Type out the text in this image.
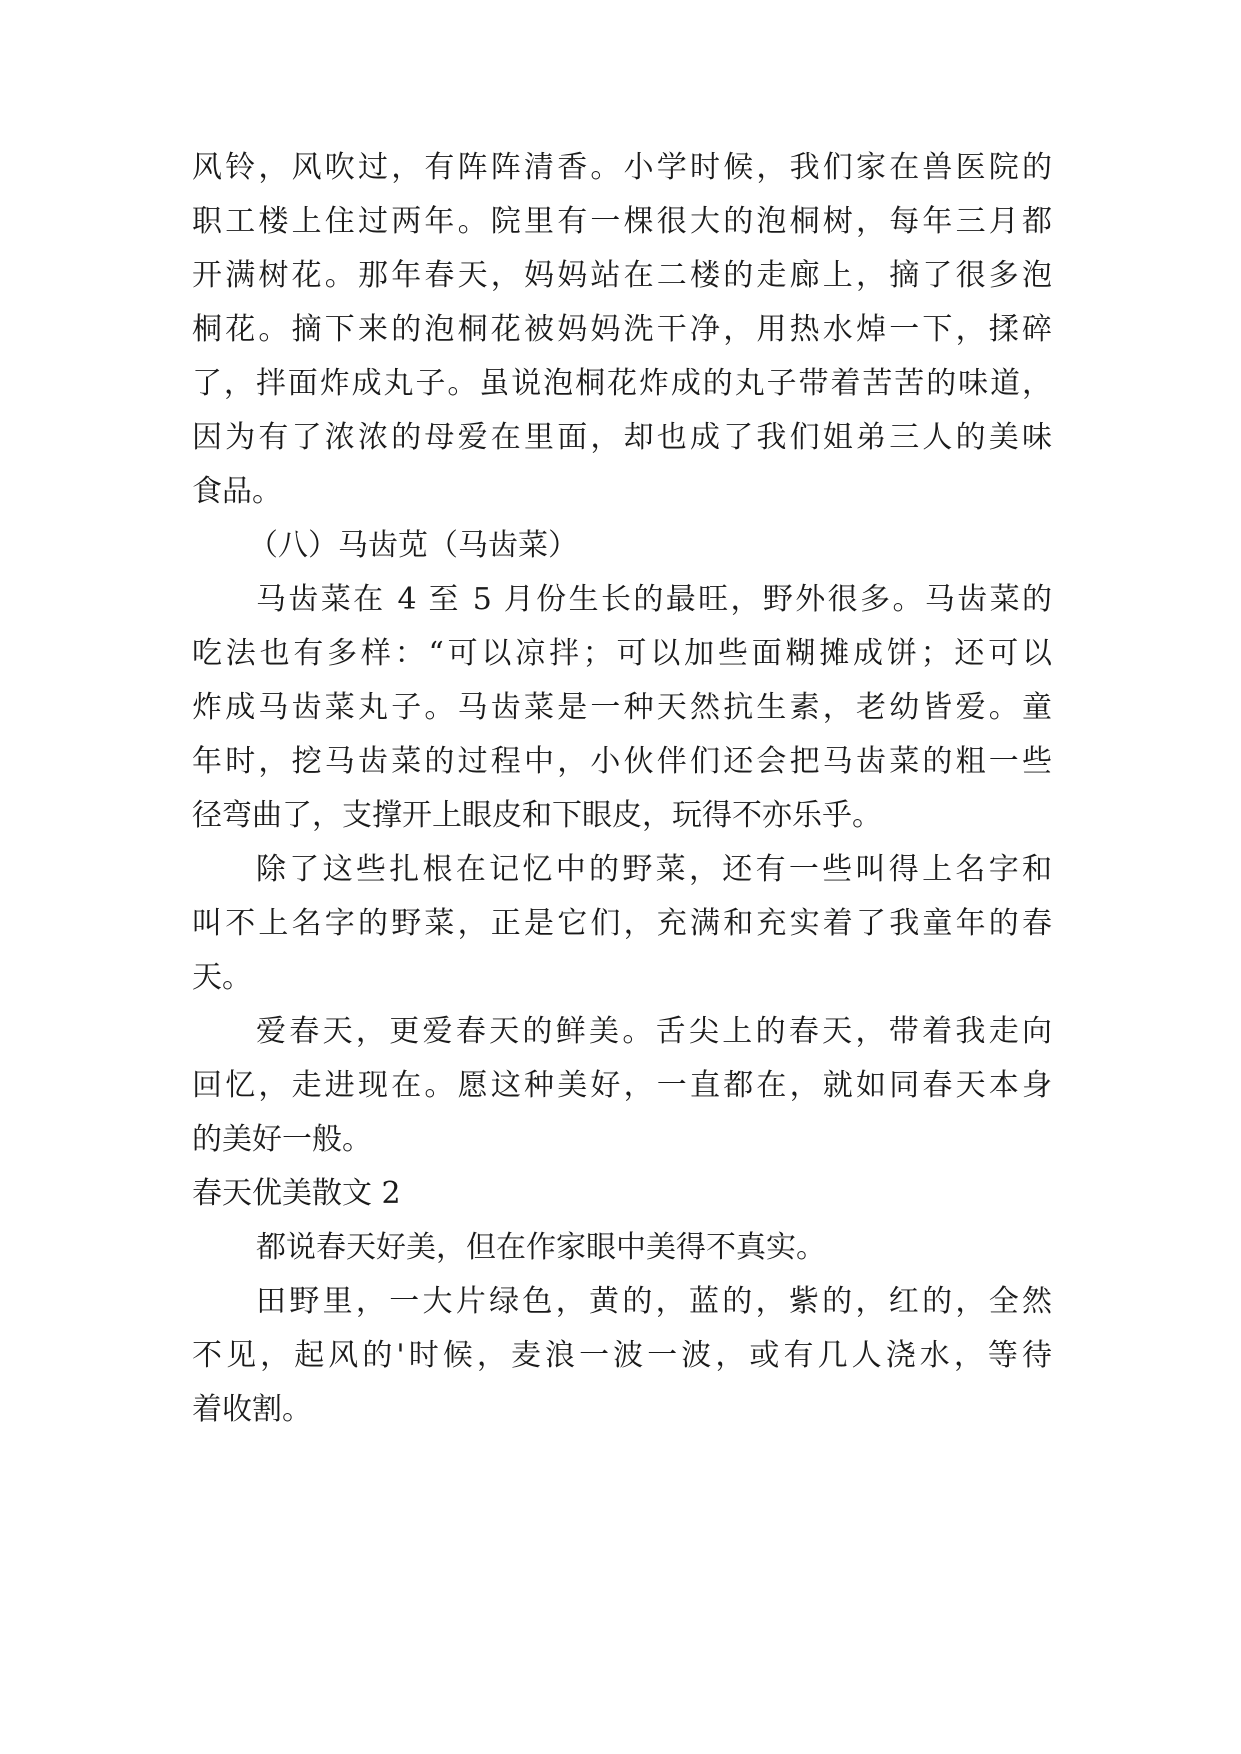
风铃，风吹过，有阵阵清香。小学时候，我们家在兽医院的
职工楼上住过两年。院里有一棵很大的泡桐树，每年三月都
开满树花。那年春天，妈妈站在二楼的走廊上，摘了很多泡
桐花。摘下来的泡桐花被妈妈洗干净，用热水焯一下，揉碎
了，拌面炸成丸子。虽说泡桐花炸成的丸子带着苦苦的味道，
因为有了浓浓的母爱在里面，却也成了我们姐弟三人的美味
食品。
（八）马齿苋（马齿菜）
马齿菜在 4 至 5 月份生长的最旺，野外很多。马齿菜的
吃法也有多样：“可以凉拌；可以加些面糊摊成饼；还可以
炸成马齿菜丸子。马齿菜是一种天然抗生素，老幼皆爱。童
年时，挖马齿菜的过程中，小伙伴们还会把马齿菜的粗一些
径弯曲了，支撑开上眼皮和下眼皮，玩得不亦乐乎。
除了这些扎根在记忆中的野菜，还有一些叫得上名字和
叫不上名字的野菜，正是它们，充满和充实着了我童年的春
天。
爱春天，更爱春天的鲜美。舌尖上的春天，带着我走向
回忆，走进现在。愿这种美好，一直都在，就如同春天本身
的美好一般。
春天优美散文 2
都说春天好美，但在作家眼中美得不真实。
田野里，一大片绿色，黄的，蓝的，紫的，红的，全然
不见，起风的'时候，麦浪一波一波，或有几人浇水，等待
着收割。
